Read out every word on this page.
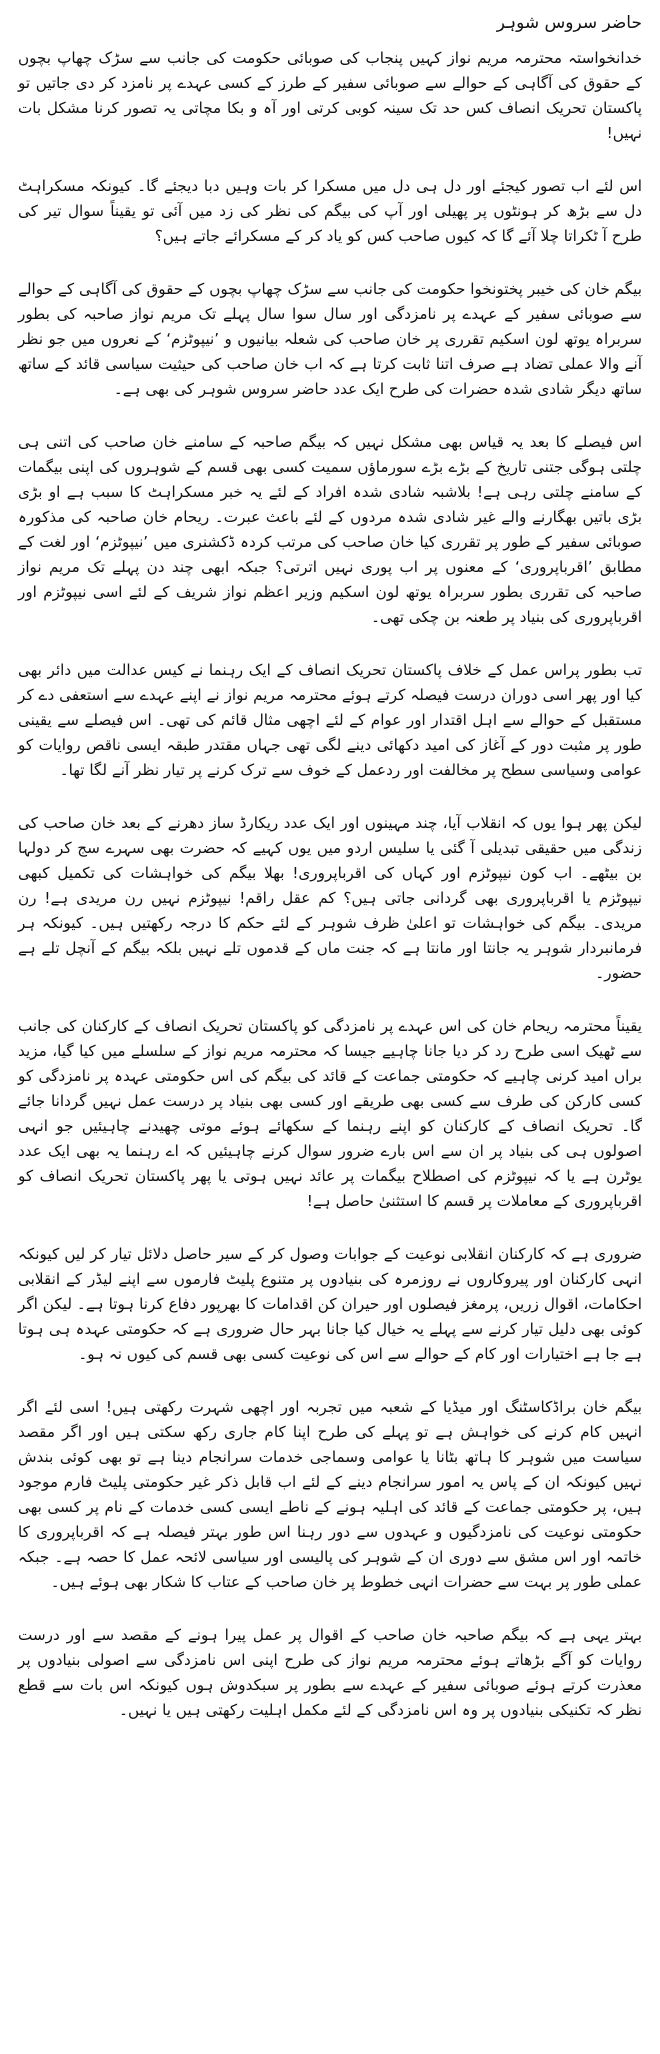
حاضر سروس شوہر

خدانخواستہ محترمہ مریم نواز کہیں پنجاب کی صوبائی حکومت کی جانب سے سڑک چھاپ بچوں کے حقوق کی آگاہی کے حوالے سے صوبائی سفیر کے طرز کے کسی عہدے پر نامزد کر دی جاتیں تو پاکستان تحریک انصاف کس حد تک سینہ کوبی کرتی اور آہ و بکا مچاتی یہ تصور کرنا مشکل بات نہیں!

اس لئے اب تصور کیجئے اور دل ہی دل میں مسکرا کر بات وہیں دبا دیجئے گا۔ کیونکہ مسکراہٹ دل سے بڑھ کر ہونٹوں پر پھیلی اور آپ کی بیگم کی نظر کی زد میں آئی تو یقیناً سوال تیر کی طرح آ ٹکراتا چلا آئے گا کہ کیوں صاحب کس کو یاد کر کے مسکرائے جاتے ہیں؟

بیگم خان کی خیبر پختونخوا حکومت کی جانب سے سڑک چھاپ بچوں کے حقوق کی آگاہی کے حوالے سے صوبائی سفیر کے عہدے پر نامزدگی اور سال سوا سال پہلے تک مریم نواز صاحبہ کی بطور سربراہ یوتھ لون اسکیم تقرری پر خان صاحب کی شعلہ بیانیوں و ’نیپوٹزم‘ کے نعروں میں جو نظر آنے والا عملی تضاد ہے صرف اتنا ثابت کرتا ہے کہ اب خان صاحب کی حیثیت سیاسی قائد کے ساتھ ساتھ دیگر شادی شدہ حضرات کی طرح ایک عدد حاضر سروس شوہر کی بھی ہے۔

اس فیصلے کا بعد یہ قیاس بھی مشکل نہیں کہ بیگم صاحبہ کے سامنے خان صاحب کی اتنی ہی چلتی ہوگی جتنی تاریخ کے بڑے بڑے سورماؤں سمیت کسی بھی قسم کے شوہروں کی اپنی بیگمات کے سامنے چلتی رہی ہے! بلاشبہ شادی شدہ افراد کے لئے یہ خبر مسکراہٹ کا سبب ہے او بڑی بڑی باتیں بھگارنے والے غیر شادی شدہ مردوں کے لئے باعث عبرت۔ ریحام خان صاحبہ کی مذکورہ صوبائی سفیر کے طور پر تقرری کیا خان صاحب کی مرتب کردہ ڈکشنری میں ’نیپوٹزم‘ اور لغت کے مطابق ’اقرباپروری‘ کے معنوں پر اب پوری نہیں اترتی؟ جبکہ ابھی چند دن پہلے تک مریم نواز صاحبہ کی تقرری بطور سربراہ یوتھ لون اسکیم وزیر اعظم نواز شریف کے لئے اسی نیپوٹزم اور اقرباپروری کی بنیاد پر طعنہ بن چکی تھی۔

تب بطور پراس عمل کے خلاف پاکستان تحریک انصاف کے ایک رہنما نے کیس عدالت میں دائر بھی کیا اور پھر اسی دوران درست فیصلہ کرتے ہوئے محترمہ مریم نواز نے اپنے عہدے سے استعفی دے کر مستقبل کے حوالے سے اہل اقتدار اور عوام کے لئے اچھی مثال قائم کی تھی۔ اس فیصلے سے یقینی طور پر مثبت دور کے آغاز کی امید دکھائی دینے لگی تھی جہاں مقتدر طبقہ ایسی ناقص روایات کو عوامی وسیاسی سطح پر مخالفت اور ردعمل کے خوف سے ترک کرنے پر تیار نظر آنے لگا تھا۔

لیکن پھر ہوا یوں کہ انقلاب آیا، چند مہینوں اور ایک عدد ریکارڈ ساز دھرنے کے بعد خان صاحب کی زندگی میں حقیقی تبدیلی آ گئی یا سلیس اردو میں یوں کہیے کہ حضرت بھی سہرے سج کر دولہا بن بیٹھے۔ اب کون نیپوٹزم اور کہاں کی اقرباپروری! بھلا بیگم کی خواہشات کی تکمیل کبھی نیپوٹزم یا اقرباپروری بھی گردانی جاتی ہیں؟ کم عقل راقم! نیپوٹزم نہیں رن مریدی ہے! رن مریدی۔ بیگم کی خواہشات تو اعلیٰ ظرف شوہر کے لئے حکم کا درجہ رکھتیں ہیں۔ کیونکہ ہر فرمانبردار شوہر یہ جانتا اور مانتا ہے کہ جنت ماں کے قدموں تلے نہیں بلکہ بیگم کے آنچل تلے ہے حضور۔

یقیناً محترمہ ریحام خان کی اس عہدے پر نامزدگی کو پاکستان تحریک انصاف کے کارکنان کی جانب سے ٹھیک اسی طرح رد کر دیا جانا چاہیے جیسا کہ محترمہ مریم نواز کے سلسلے میں کیا گیا، مزید براں امید کرنی چاہیے کہ حکومتی جماعت کے قائد کی بیگم کی اس حکومتی عہدہ پر نامزدگی کو کسی کارکن کی طرف سے کسی بھی طریقے اور کسی بھی بنیاد پر درست عمل نہیں گردانا جائے گا۔ تحریک انصاف کے کارکنان کو اپنے رہنما کے سکھائے ہوئے موتی چھیدنے چاہیئیں جو انہی اصولوں ہی کی بنیاد پر ان سے اس بارے ضرور سوال کرنے چاہیئیں کہ اے رہنما یہ بھی ایک عدد یوٹرن ہے یا کہ نیپوٹزم کی اصطلاح بیگمات پر عائد نہیں ہوتی یا پھر پاکستان تحریک انصاف کو اقرباپروری کے معاملات پر قسم کا استثنیٰ حاصل ہے!

ضروری ہے کہ کارکنان انقلابی نوعیت کے جوابات وصول کر کے سیر حاصل دلائل تیار کر لیں کیونکہ انہی کارکنان اور پیروکاروں نے روزمرہ کی بنیادوں پر متنوع پلیٹ فارموں سے اپنے لیڈر کے انقلابی احکامات، اقوال زریں، پرمغز فیصلوں اور حیران کن اقدامات کا بھرپور دفاع کرنا ہوتا ہے۔ لیکن اگر کوئی بھی دلیل تیار کرنے سے پہلے یہ خیال کیا جانا بہر حال ضروری ہے کہ حکومتی عہدہ ہی ہوتا ہے جا ہے اختیارات اور کام کے حوالے سے اس کی نوعیت کسی بھی قسم کی کیوں نہ ہو۔

بیگم خان براڈکاسٹنگ اور میڈیا کے شعبہ میں تجربہ اور اچھی شہرت رکھتی ہیں! اسی لئے اگر انہیں کام کرنے کی خواہش ہے تو پہلے کی طرح اپنا کام جاری رکھ سکتی ہیں اور اگر مقصد سیاست میں شوہر کا ہاتھ بٹانا یا عوامی وسماجی خدمات سرانجام دینا ہے تو بھی کوئی بندش نہیں کیونکہ ان کے پاس یہ امور سرانجام دینے کے لئے اب قابل ذکر غیر حکومتی پلیٹ فارم موجود ہیں، پر حکومتی جماعت کے قائد کی اہلیہ ہونے کے ناطے ایسی کسی خدمات کے نام پر کسی بھی حکومتی نوعیت کی نامزدگیوں و عہدوں سے دور رہنا اس طور بہتر فیصلہ ہے کہ اقرباپروری کا خاتمہ اور اس مشق سے دوری ان کے شوہر کی پالیسی اور سیاسی لائحہ عمل کا حصہ ہے۔ جبکہ عملی طور پر بہت سے حضرات انہی خطوط پر خان صاحب کے عتاب کا شکار بھی ہوئے ہیں۔

بہتر یہی ہے کہ بیگم صاحبہ خان صاحب کے اقوال پر عمل پیرا ہونے کے مقصد سے اور درست روایات کو آگے بڑھاتے ہوئے محترمہ مریم نواز کی طرح اپنی اس نامزدگی سے اصولی بنیادوں پر معذرت کرتے ہوئے صوبائی سفیر کے عہدے سے بطور پر سبکدوش ہوں کیونکہ اس بات سے قطع نظر کہ تکنیکی بنیادوں پر وہ اس نامزدگی کے لئے مکمل اہلیت رکھتی ہیں یا نہیں۔
